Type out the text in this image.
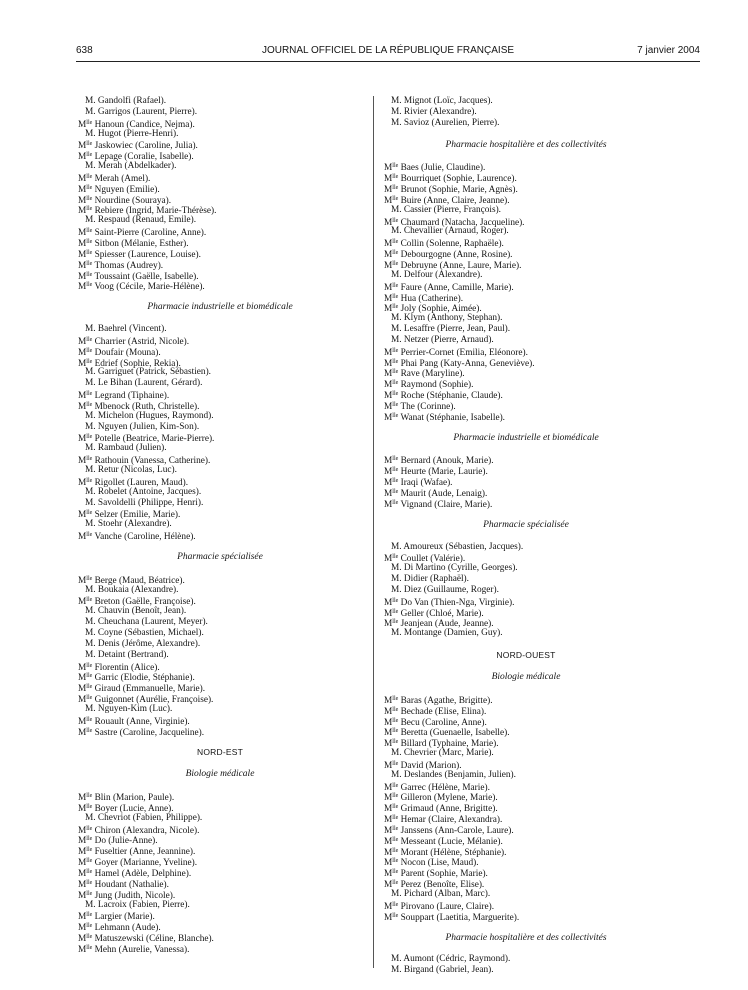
638	JOURNAL OFFICIEL DE LA RÉPUBLIQUE FRANÇAISE	7 janvier 2004
M. Gandolfi (Rafael).
M. Garrigos (Laurent, Pierre).
$M^{lle}$ Hanoun (Candice, Nejma).
M. Hugot (Pierre-Henri).
$M^{lle}$ Jaskowiec (Caroline, Julia).
$M^{lle}$ Lepage (Coralie, Isabelle).
M. Merah (Abdelkader).
$M^{lle}$ Merah (Amel).
$M^{lle}$ Nguyen (Emilie).
$M^{lle}$ Nourdine (Souraya).
$M^{lle}$ Rebiere (Ingrid, Marie-Thérèse).
M. Respaud (Renaud, Emile).
$M^{lle}$ Saint-Pierre (Caroline, Anne).
$M^{lle}$ Sitbon (Mélanie, Esther).
$M^{lle}$ Spiesser (Laurence, Louise).
$M^{lle}$ Thomas (Audrey).
$M^{lle}$ Toussaint (Gaëlle, Isabelle).
$M^{lle}$ Voog (Cécile, Marie-Hélène).
Pharmacie industrielle et biomédicale
M. Baehrel (Vincent).
$M^{lle}$ Charrier (Astrid, Nicole).
$M^{lle}$ Doufair (Mouna).
$M^{lle}$ Edrief (Sophie, Rekia).
M. Garriguet (Patrick, Sébastien).
M. Le Bihan (Laurent, Gérard).
$M^{lle}$ Legrand (Tiphaine).
$M^{lle}$ Mbenock (Ruth, Christelle).
M. Michelon (Hugues, Raymond).
M. Nguyen (Julien, Kim-Son).
$M^{lle}$ Potelle (Beatrice, Marie-Pierre).
M. Rambaud (Julien).
$M^{lle}$ Rathouin (Vanessa, Catherine).
M. Retur (Nicolas, Luc).
$M^{lle}$ Rigollet (Lauren, Maud).
M. Robelet (Antoine, Jacques).
M. Savoldelli (Philippe, Henri).
$M^{lle}$ Selzer (Emilie, Marie).
M. Stoehr (Alexandre).
$M^{lle}$ Vanche (Caroline, Hélène).
Pharmacie spécialisée
$M^{lle}$ Berge (Maud, Béatrice).
M. Boukaia (Alexandre).
$M^{lle}$ Breton (Gaëlle, Françoise).
M. Chauvin (Benoît, Jean).
M. Cheuchana (Laurent, Meyer).
M. Coyne (Sébastien, Michael).
M. Denis (Jérôme, Alexandre).
M. Detaint (Bertrand).
$M^{lle}$ Florentin (Alice).
$M^{lle}$ Garric (Elodie, Stéphanie).
$M^{lle}$ Giraud (Emmanuelle, Marie).
$M^{lle}$ Guigonnet (Aurélie, Françoise).
M. Nguyen-Kim (Luc).
$M^{lle}$ Rouault (Anne, Virginie).
$M^{lle}$ Sastre (Caroline, Jacqueline).
NORD-EST
Biologie médicale
$M^{lle}$ Blin (Marion, Paule).
$M^{lle}$ Boyer (Lucie, Anne).
M. Chevriot (Fabien, Philippe).
$M^{lle}$ Chiron (Alexandra, Nicole).
$M^{lle}$ Do (Julie-Anne).
$M^{lle}$ Fuseltier (Anne, Jeannine).
$M^{lle}$ Goyer (Marianne, Yveline).
$M^{lle}$ Hamel (Adèle, Delphine).
$M^{lle}$ Houdant (Nathalie).
$M^{lle}$ Jung (Judith, Nicole).
M. Lacroix (Fabien, Pierre).
$M^{lle}$ Largier (Marie).
$M^{lle}$ Lehmann (Aude).
$M^{lle}$ Matuszewski (Céline, Blanche).
$M^{lle}$ Mehn (Aurelie, Vanessa).
M. Mignot (Loïc, Jacques).
M. Rivier (Alexandre).
M. Savioz (Aurelien, Pierre).
Pharmacie hospitalière et des collectivités
$M^{lle}$ Baes (Julie, Claudine).
$M^{lle}$ Bourriquet (Sophie, Laurence).
$M^{lle}$ Brunot (Sophie, Marie, Agnès).
$M^{lle}$ Buire (Anne, Claire, Jeanne).
M. Cassier (Pierre, François).
$M^{lle}$ Chaumard (Natacha, Jacqueline).
M. Chevallier (Arnaud, Roger).
$M^{lle}$ Collin (Solenne, Raphaële).
$M^{lle}$ Debourgogne (Anne, Rosine).
$M^{lle}$ Debruyne (Anne, Laure, Marie).
M. Delfour (Alexandre).
$M^{lle}$ Faure (Anne, Camille, Marie).
$M^{lle}$ Hua (Catherine).
$M^{lle}$ Joly (Sophie, Aimée).
M. Klym (Anthony, Stephan).
M. Lesaffre (Pierre, Jean, Paul).
M. Netzer (Pierre, Arnaud).
$M^{lle}$ Perrier-Cornet (Emilia, Eléonore).
$M^{lle}$ Phai Pang (Katy-Anna, Geneviève).
$M^{lle}$ Rave (Maryline).
$M^{lle}$ Raymond (Sophie).
$M^{lle}$ Roche (Stéphanie, Claude).
$M^{lle}$ The (Corinne).
$M^{lle}$ Wanat (Stéphanie, Isabelle).
Pharmacie industrielle et biomédicale
$M^{lle}$ Bernard (Anouk, Marie).
$M^{lle}$ Heurte (Marie, Laurie).
$M^{lle}$ Iraqi (Wafae).
$M^{lle}$ Maurit (Aude, Lenaig).
$M^{lle}$ Vignand (Claire, Marie).
Pharmacie spécialisée
M. Amoureux (Sébastien, Jacques).
$M^{lle}$ Coullet (Valérie).
M. Di Martino (Cyrille, Georges).
M. Didier (Raphaël).
M. Diez (Guillaume, Roger).
$M^{lle}$ Do Van (Thien-Nga, Virginie).
$M^{lle}$ Geller (Chloé, Marie).
$M^{lle}$ Jeanjean (Aude, Jeanne).
M. Montange (Damien, Guy).
NORD-OUEST
Biologie médicale
$M^{lle}$ Baras (Agathe, Brigitte).
$M^{lle}$ Bechade (Elise, Elina).
$M^{lle}$ Becu (Caroline, Anne).
$M^{lle}$ Beretta (Guenaelle, Isabelle).
$M^{lle}$ Billard (Typhaine, Marie).
M. Chevrier (Marc, Marie).
$M^{lle}$ David (Marion).
M. Deslandes (Benjamin, Julien).
$M^{lle}$ Garrec (Hélène, Marie).
$M^{lle}$ Gilleron (Mylene, Marie).
$M^{lle}$ Grimaud (Anne, Brigitte).
$M^{lle}$ Hemar (Claire, Alexandra).
$M^{lle}$ Janssens (Ann-Carole, Laure).
$M^{lle}$ Messeant (Lucie, Mélanie).
$M^{lle}$ Morant (Hélène, Stéphanie).
$M^{lle}$ Nocon (Lise, Maud).
$M^{lle}$ Parent (Sophie, Marie).
$M^{lle}$ Perez (Benoîte, Elise).
M. Pichard (Alban, Marc).
$M^{lle}$ Pirovano (Laure, Claire).
$M^{lle}$ Souppart (Laetitia, Marguerite).
Pharmacie hospitalière et des collectivités
M. Aumont (Cédric, Raymond).
M. Birgand (Gabriel, Jean).
